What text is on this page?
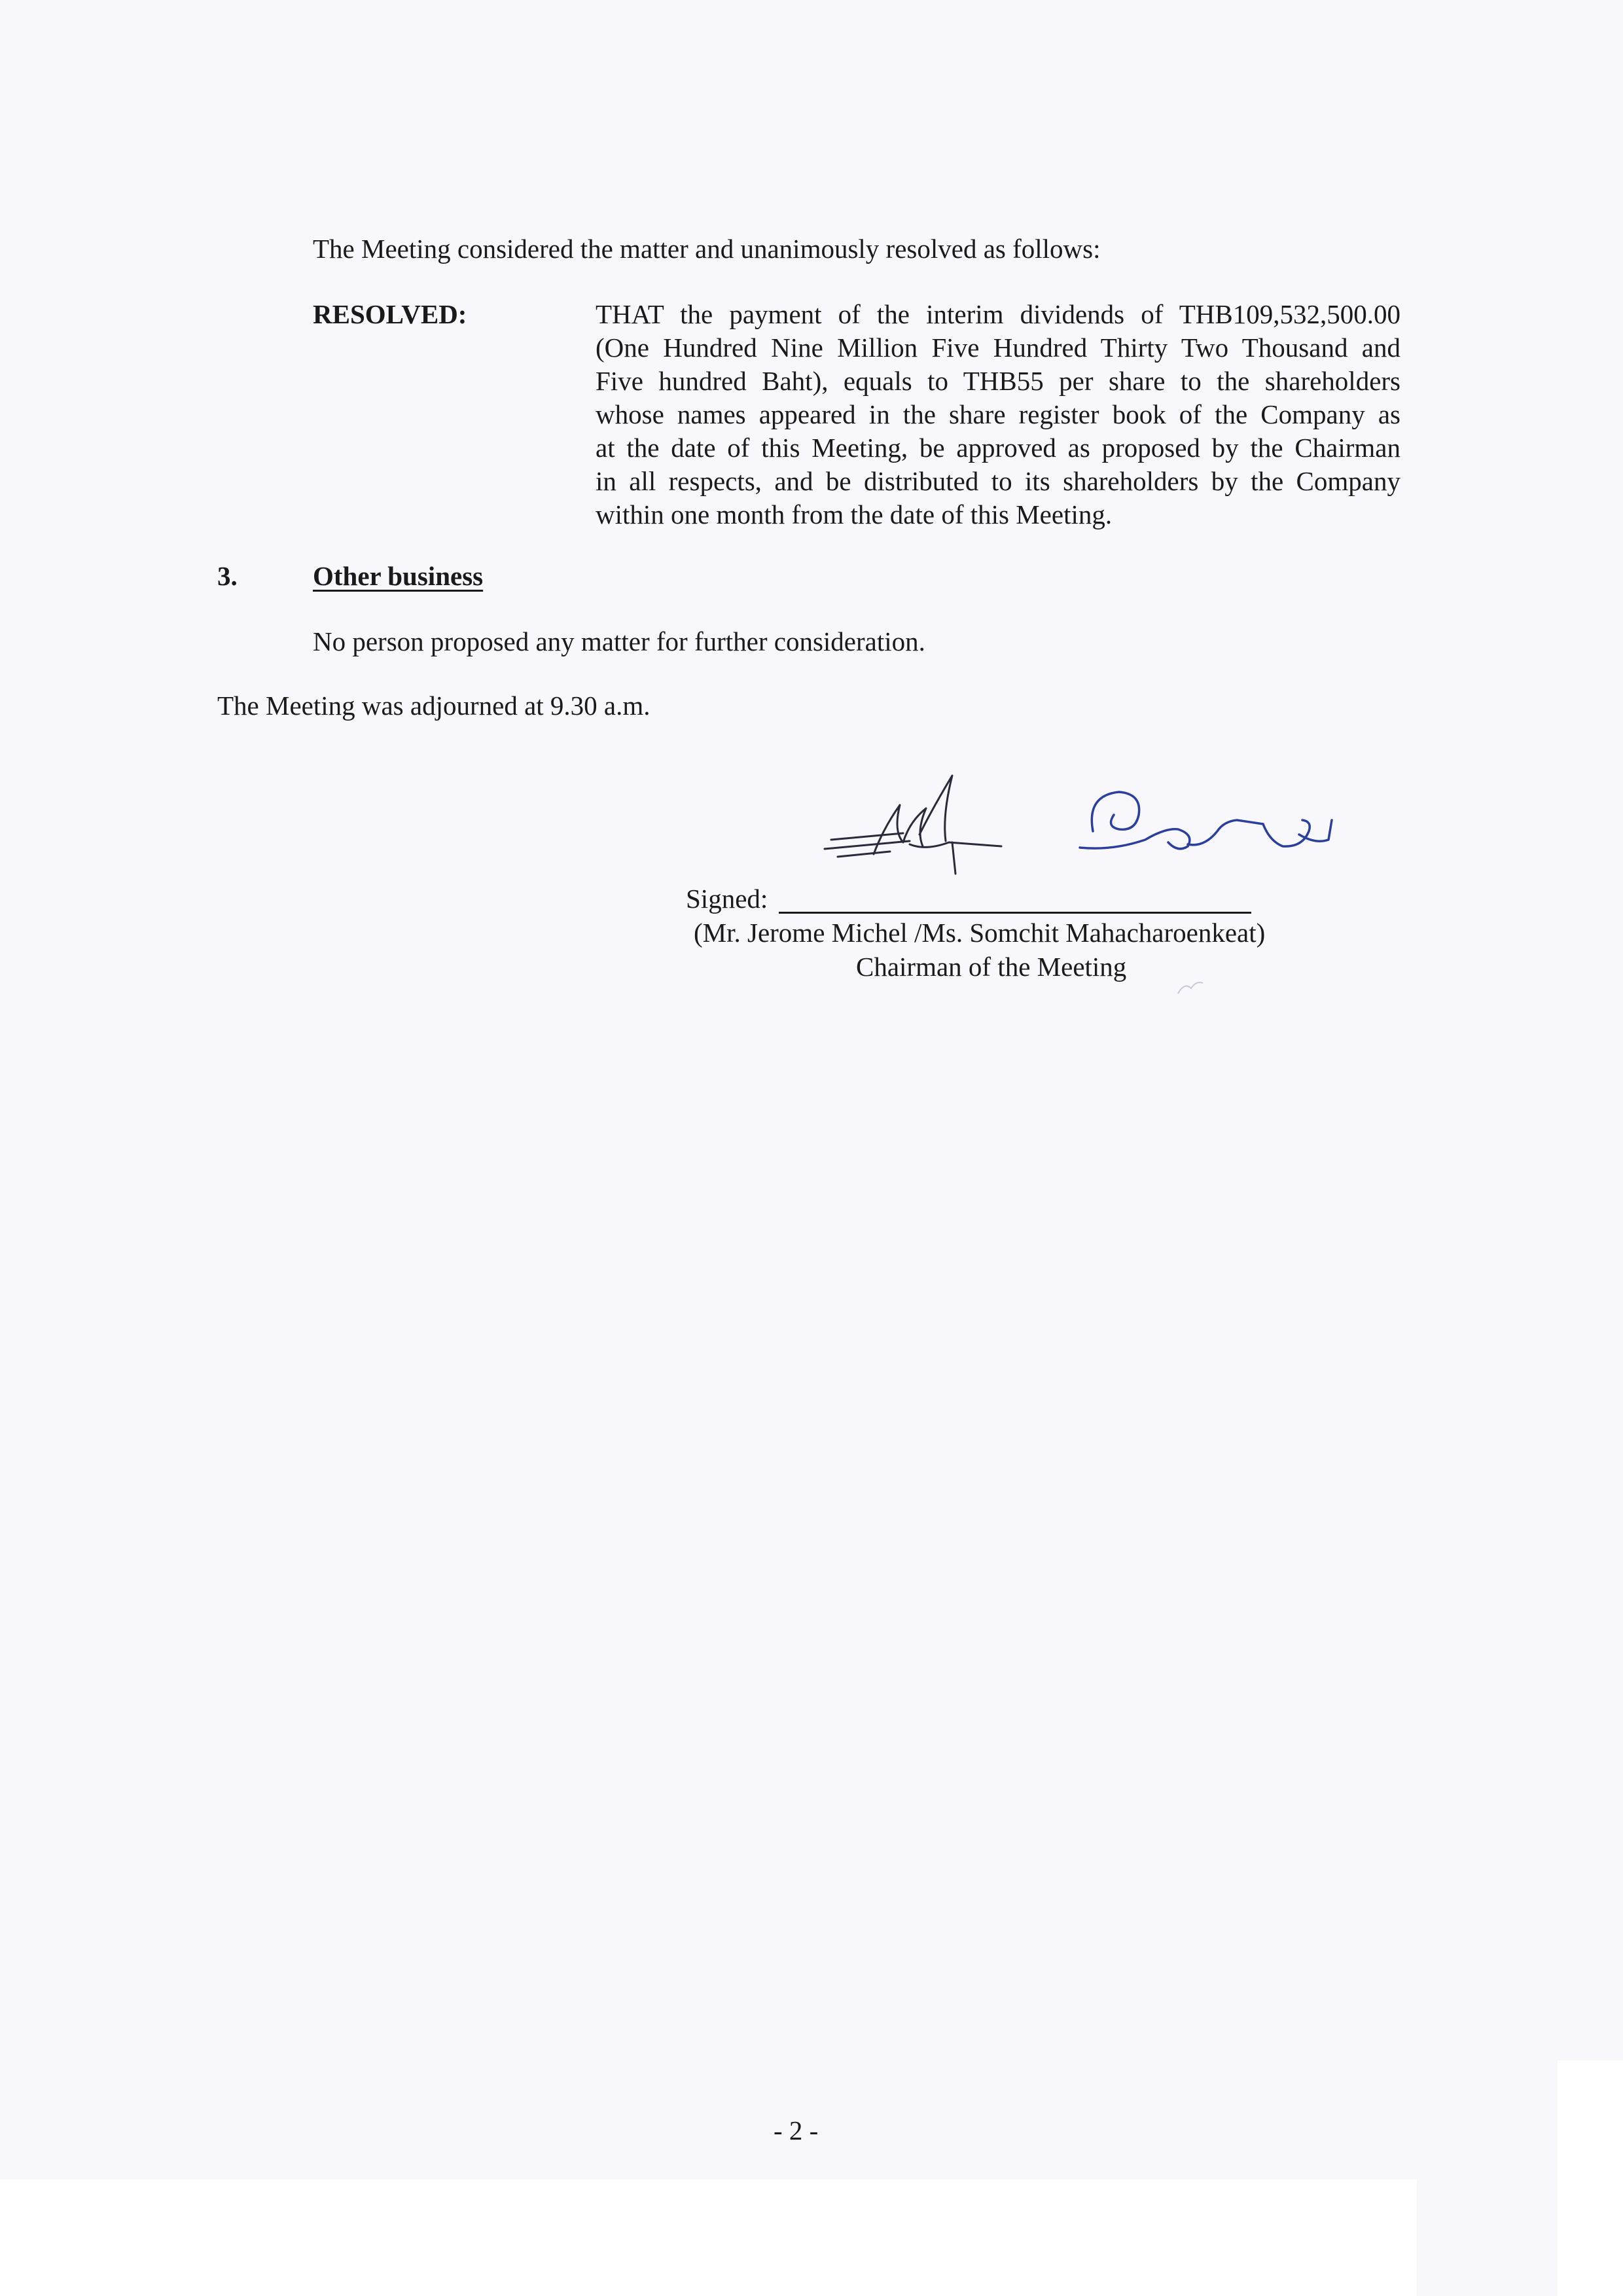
The Meeting considered the matter and unanimously resolved as follows:
RESOLVED:	THAT the payment of the interim dividends of THB109,532,500.00
(One Hundred Nine Million Five Hundred Thirty Two Thousand and
Five hundred Baht), equals to THB55 per share to the shareholders
whose names appeared in the share register book of the Company as
at the date of this Meeting, be approved as proposed by the Chairman
in all respects, and be distributed to its shareholders by the Company
within one month from the date of this Meeting.
3.	Other business
No person proposed any matter for further consideration.
The Meeting was adjourned at 9.30 a.m.
Signed:
(Mr. Jerome Michel /Ms. Somchit Mahacharoenkeat)
Chairman of the Meeting
- 2 -
